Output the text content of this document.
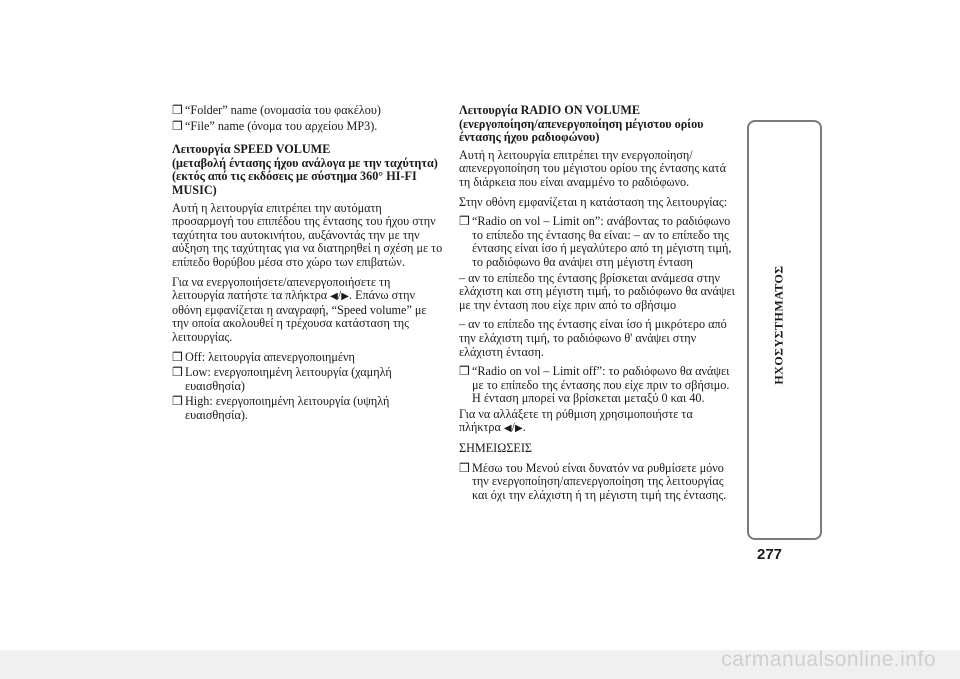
❒ “Folder” name (ονομασία του φακέλου)
❒ “File” name (όνομα του αρχείου MP3).
Λειτουργία SPEED VOLUME
(μεταβολή έντασης ήχου ανάλογα με την ταχύτητα)
(εκτός από τις εκδόσεις με σύστημα 360° HI-FI MUSIC)

Αυτή η λειτουργία επιτρέπει την αυτόματη προσαρμογή του επιπέδου της έντασης του ήχου στην ταχύτητα του αυτοκινήτου, αυξάνοντάς την με την αύξηση της ταχύτητας για να διατηρηθεί η σχέση με το επίπεδο θορύβου μέσα στο χώρο των επιβατών.

Για να ενεργοποιήσετε/απενεργοποιήσετε τη λειτουργία πατήστε τα πλήκτρα ◀/▶. Επάνω στην οθόνη εμφανίζεται η αναγραφή, “Speed volume” με την οποία ακολουθεί η τρέχουσα κατάσταση της λειτουργίας.

❒ Off: λειτουργία απενεργοποιημένη
❒ Low: ενεργοποιημένη λειτουργία (χαμηλή ευαισθησία)
❒ High: ενεργοποιημένη λειτουργία (υψηλή ευαισθησία).
Λειτουργία RADIO ON VOLUME
(ενεργοποίηση/απενεργοποίηση μέγιστου ορίου έντασης ήχου ραδιοφώνου)

Αυτή η λειτουργία επιτρέπει την ενεργοποίηση/απενεργοποίηση του μέγιστου ορίου της έντασης κατά τη διάρκεια που είναι αναμμένο το ραδιόφωνο.

Στην οθόνη εμφανίζεται η κατάσταση της λειτουργίας:

❒ “Radio on vol – Limit on”: ανάβοντας το ραδιόφωνο το επίπεδο της έντασης θα είναι: – αν το επίπεδο της έντασης είναι ίσο ή μεγαλύτερο από τη μέγιστη τιμή, το ραδιόφωνο θα ανάψει στη μέγιστη ένταση

– αν το επίπεδο της έντασης βρίσκεται ανάμεσα στην ελάχιστη και στη μέγιστη τιμή, το ραδιόφωνο θα ανάψει με την ένταση που είχε πριν από το σβήσιμο

– αν το επίπεδο της έντασης είναι ίσο ή μικρότερο από την ελάχιστη τιμή, το ραδιόφωνο θ' ανάψει στην ελάχιστη ένταση.

❒ “Radio on vol – Limit off”: το ραδιόφωνο θα ανάψει με το επίπεδο της έντασης που είχε πριν το σβήσιμο. Η ένταση μπορεί να βρίσκεται μεταξύ 0 και 40.

Για να αλλάξετε τη ρύθμιση χρησιμοποιήστε τα πλήκτρα ◀/▶.

ΣΗΜΕΙΩΣΕΙΣ

❒ Μέσω του Μενού είναι δυνατόν να ρυθμίσετε μόνο την ενεργοποίηση/απενεργοποίηση της λειτουργίας και όχι την ελάχιστη ή τη μέγιστη τιμή της έντασης.
ΗΧΟΣΥΣΤΗΜΑΤΟΣ
277
carmanualsonline.info
